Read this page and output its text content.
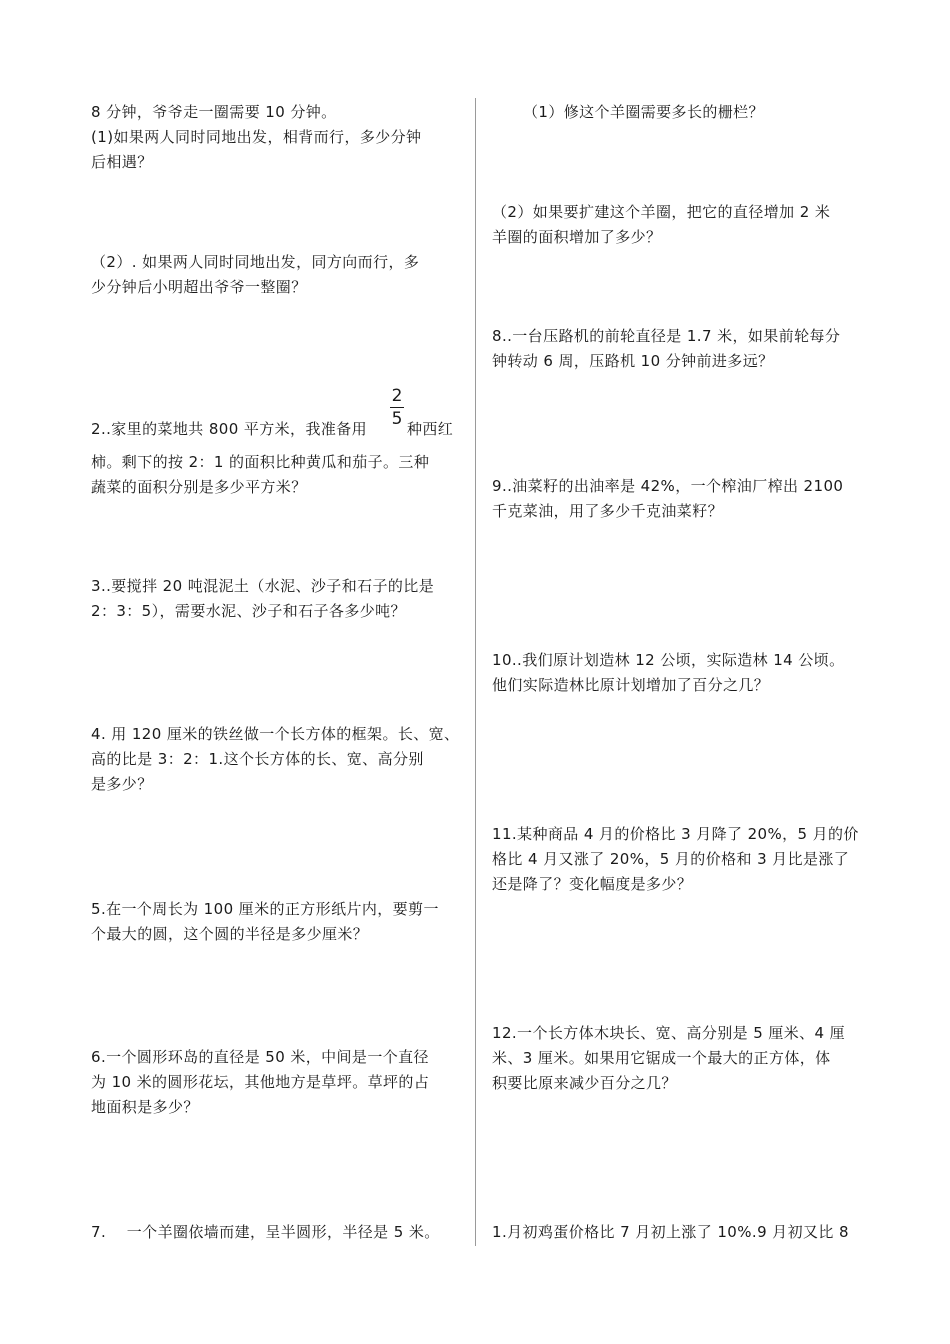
8 分钟，爷爷走一圈需要 10 分钟。

(1)如果两人同时同地出发，相背而行，多少分钟

后相遇？

（2）. 如果两人同时同地出发，同方向而行，多

少分钟后小明超出爷爷一整圈？

2..家里的菜地共 800 平方米，我准备用

2
5 种西红

柿。剩下的按 2：1 的面积比种黄瓜和茄子。三种

蔬菜的面积分别是多少平方米？

3..要搅拌 20 吨混泥土（水泥、沙子和石子的比是

2：3：5），需要水泥、沙子和石子各多少吨？

4. 用 120 厘米的铁丝做一个长方体的框架。长、宽、

高的比是 3：2：1.这个长方体的长、宽、高分别

是多少？

5.在一个周长为 100 厘米的正方形纸片内，要剪一

个最大的圆，这个圆的半径是多少厘米？

6.一个圆形环岛的直径是 50 米，中间是一个直径

为 10 米的圆形花坛，其他地方是草坪。草坪的占

地面积是多少？

7.    一个羊圈依墙而建，呈半圆形，半径是 5 米。

（1）修这个羊圈需要多长的栅栏？

（2）如果要扩建这个羊圈，把它的直径增加 2 米

羊圈的面积增加了多少？

8..一台压路机的前轮直径是 1.7 米，如果前轮每分

钟转动 6 周，压路机 10 分钟前进多远？

9..油菜籽的出油率是 42%，一个榨油厂榨出 2100

千克菜油，用了多少千克油菜籽？

10..我们原计划造林 12 公顷，实际造林 14 公顷。

他们实际造林比原计划增加了百分之几？

11.某种商品 4 月的价格比 3 月降了 20%，5 月的价

格比 4 月又涨了 20%，5 月的价格和 3 月比是涨了

还是降了？变化幅度是多少？

12.一个长方体木块长、宽、高分别是 5 厘米、4 厘

米、3 厘米。如果用它锯成一个最大的正方体，体

积要比原来减少百分之几？

1.月初鸡蛋价格比 7 月初上涨了 10%.9 月初又比 8
